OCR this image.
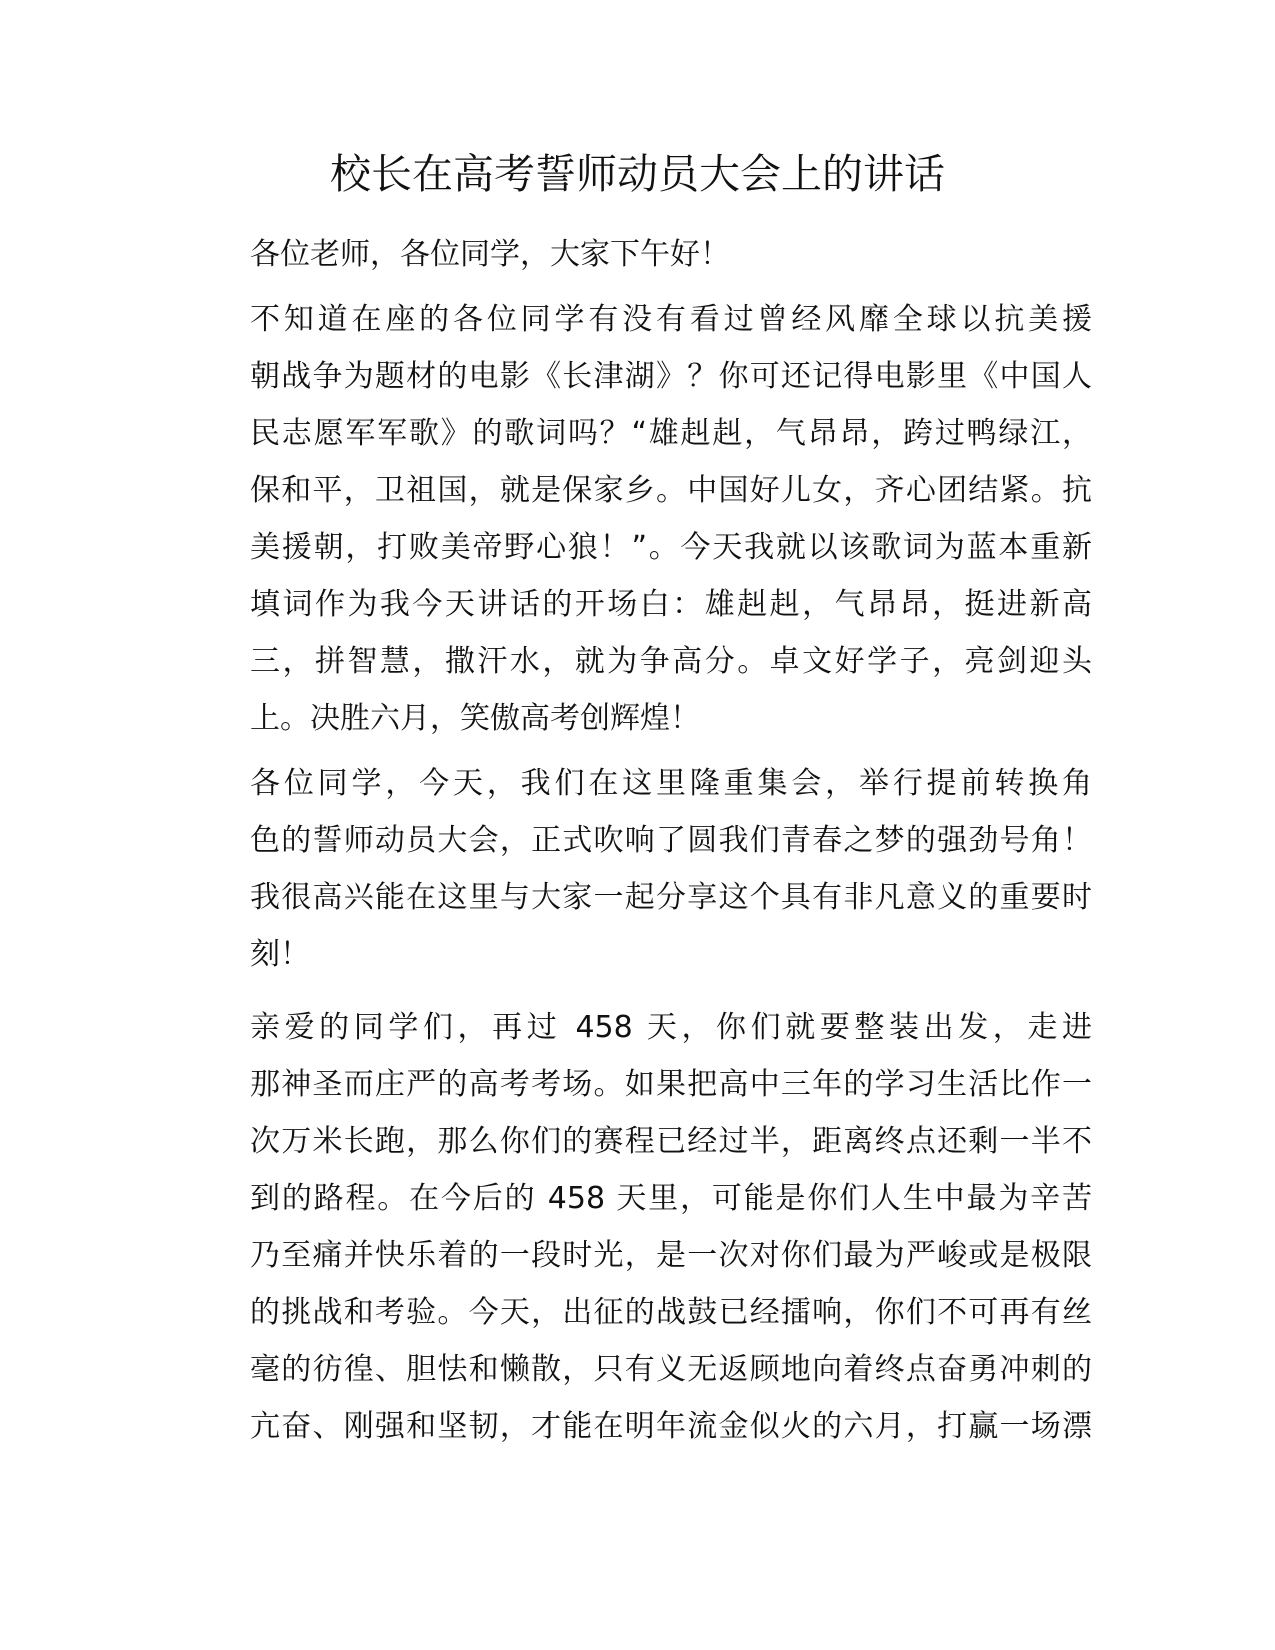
校长在高考誓师动员大会上的讲话

各位老师，各位同学，大家下午好！

不知道在座的各位同学有没有看过曾经风靡全球以抗美援
朝战争为题材的电影《长津湖》？你可还记得电影里《中国人
民志愿军军歌》的歌词吗？“雄赳赳，气昂昂，跨过鸭绿江，
保和平，卫祖国，就是保家乡。中国好儿女，齐心团结紧。抗
美援朝，打败美帝野心狼！”。今天我就以该歌词为蓝本重新
填词作为我今天讲话的开场白：雄赳赳，气昂昂，挺进新高
三，拼智慧，撒汗水，就为争高分。卓文好学子，亮剑迎头
上。决胜六月，笑傲高考创辉煌！

各位同学，今天，我们在这里隆重集会，举行提前转换角
色的誓师动员大会，正式吹响了圆我们青春之梦的强劲号角！
我很高兴能在这里与大家一起分享这个具有非凡意义的重要时
刻！

亲爱的同学们，再过 458 天，你们就要整装出发，走进
那神圣而庄严的高考考场。如果把高中三年的学习生活比作一
次万米长跑，那么你们的赛程已经过半，距离终点还剩一半不
到的路程。在今后的 458 天里，可能是你们人生中最为辛苦
乃至痛并快乐着的一段时光，是一次对你们最为严峻或是极限
的挑战和考验。今天，出征的战鼓已经擂响，你们不可再有丝
毫的彷徨、胆怯和懒散，只有义无返顾地向着终点奋勇冲刺的
亢奋、刚强和坚韧，才能在明年流金似火的六月，打赢一场漂
